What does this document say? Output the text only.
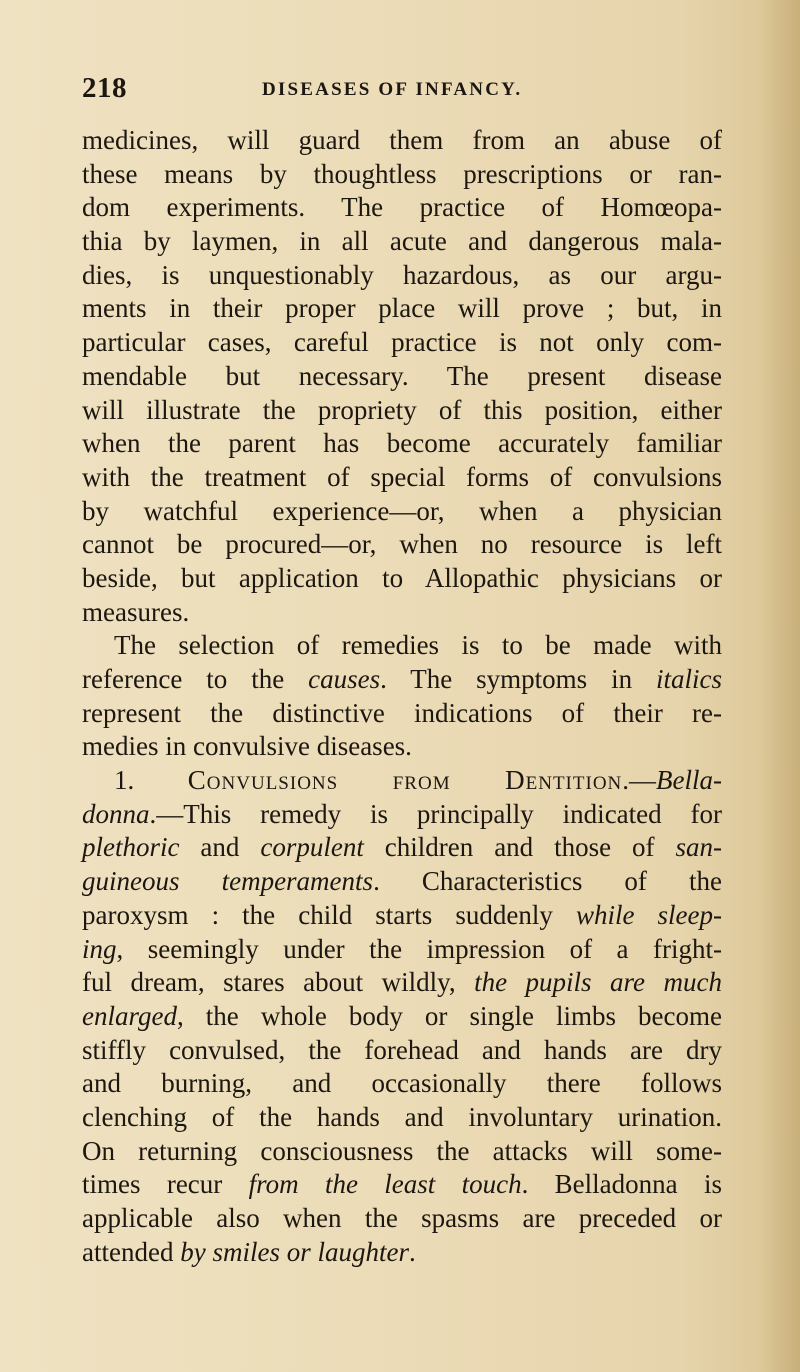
218	DISEASES OF INFANCY.
medicines, will guard them from an abuse of
these means by thoughtless prescriptions or ran-
dom experiments. The practice of Homœopa-
thia by laymen, in all acute and dangerous mala-
dies, is unquestionably hazardous, as our argu-
ments in their proper place will prove ; but, in
particular cases, careful practice is not only com-
mendable but necessary. The present disease
will illustrate the propriety of this position, either
when the parent has become accurately familiar
with the treatment of special forms of convulsions
by watchful experience—or, when a physician
cannot be procured—or, when no resource is left
beside, but application to Allopathic physicians or
measures.
The selection of remedies is to be made with
reference to the causes. The symptoms in italics
represent the distinctive indications of their re-
medies in convulsive diseases.
1. Convulsions from Dentition.—Bella-
donna.—This remedy is principally indicated for
plethoric and corpulent children and those of san-
guineous temperaments. Characteristics of the
paroxysm : the child starts suddenly while sleep-
ing, seemingly under the impression of a fright-
ful dream, stares about wildly, the pupils are much
enlarged, the whole body or single limbs become
stiffly convulsed, the forehead and hands are dry
and burning, and occasionally there follows
clenching of the hands and involuntary urination.
On returning consciousness the attacks will some-
times recur from the least touch. Belladonna is
applicable also when the spasms are preceded or
attended by smiles or laughter.
